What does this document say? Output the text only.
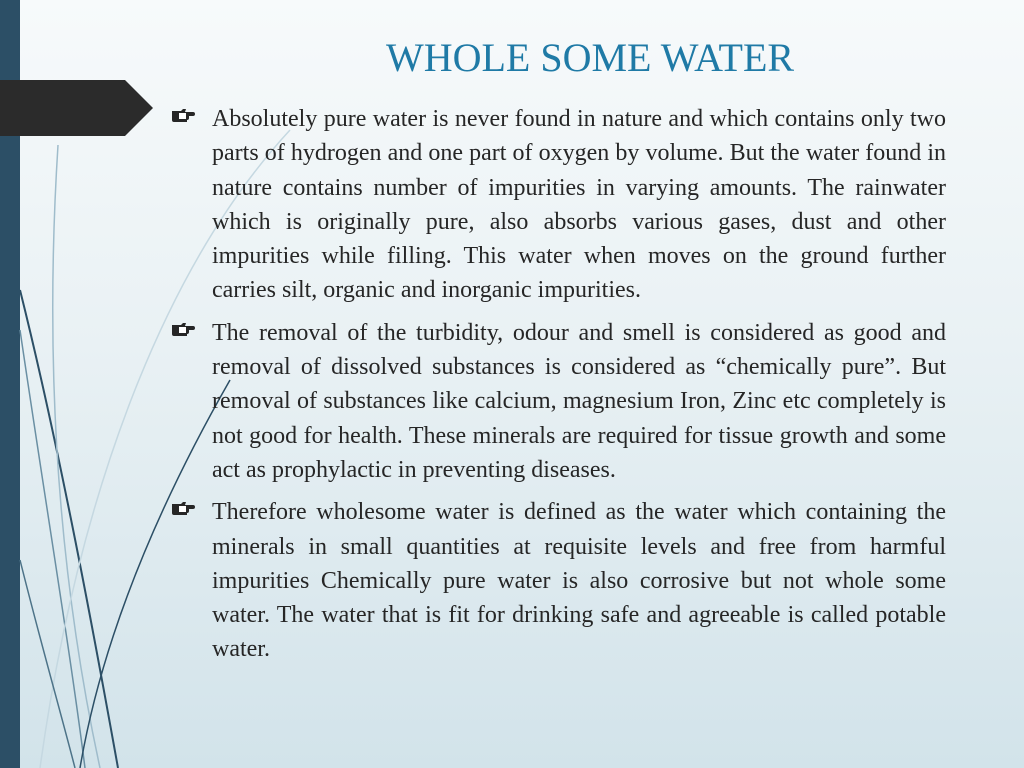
WHOLE SOME WATER
Absolutely pure water is never found in nature and which contains only two parts of hydrogen and one part of oxygen by volume. But the water found in nature contains number of impurities in varying amounts. The rainwater which is originally pure, also absorbs various gases, dust and other impurities while filling. This water when moves on the ground further carries silt, organic and inorganic impurities.
The removal of the turbidity, odour and smell is considered as good and removal of dissolved substances is considered as “chemically pure”. But removal of substances like calcium, magnesium Iron, Zinc etc completely is not good for health. These minerals are required for tissue growth and some act as prophylactic in preventing diseases.
Therefore wholesome water is defined as the water which containing the minerals in small quantities at requisite levels and free from harmful impurities Chemically pure water is also corrosive but not whole some water. The water that is fit for drinking safe and agreeable is called potable water.
